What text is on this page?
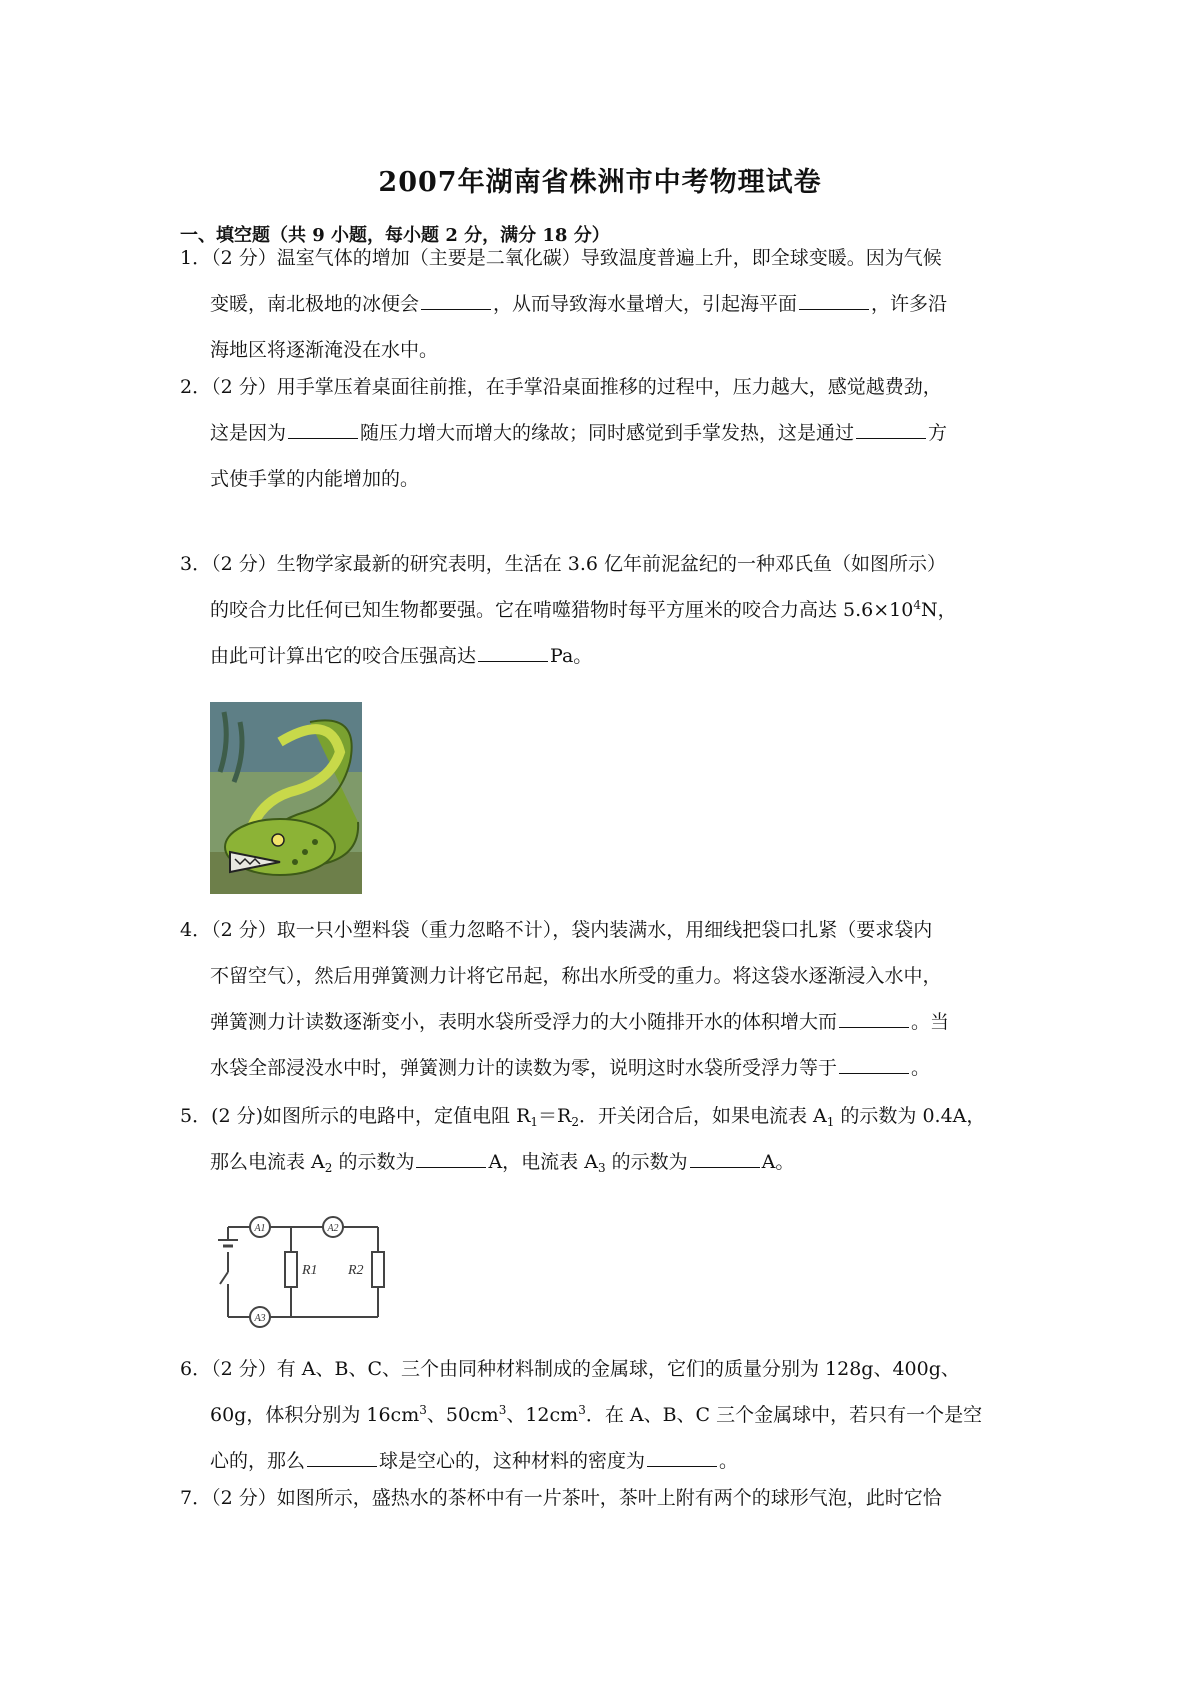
2007年湖南省株洲市中考物理试卷
一、填空题（共 9 小题，每小题 2 分，满分 18 分）
1．（2 分）温室气体的增加（主要是二氧化碳）导致温度普遍上升，即全球变暖。因为气候
变暖，南北极地的冰便会	，从而导致海水量增大，引起海平面	，许多沿
海地区将逐渐淹没在水中。
2．（2 分）用手掌压着桌面往前推，在手掌沿桌面推移的过程中，压力越大，感觉越费劲，
这是因为	随压力增大而增大的缘故；同时感觉到手掌发热，这是通过	方
式使手掌的内能增加的。
3．（2 分）生物学家最新的研究表明，生活在 3.6 亿年前泥盆纪的一种邓氏鱼（如图所示）
的咬合力比任何已知生物都要强。它在啃噬猎物时每平方厘米的咬合力高达 $5.6\times 10^4N$，
由此可计算出它的咬合压强高达	Pa。
4．（2 分）取一只小塑料袋（重力忽略不计），袋内装满水，用细线把袋口扎紧（要求袋内
不留空气），然后用弹簧测力计将它吊起，称出水所受的重力。将这袋水逐渐浸入水中，
弹簧测力计读数逐渐变小，表明水袋所受浮力的大小随排开水的体积增大而	。当
水袋全部浸没水中时，弹簧测力计的读数为零，说明这时水袋所受浮力等于	。
5．(2 分)如图所示的电路中，定值电阻 $R_1=R_2$．开关闭合后，如果电流表 $A_1$ 的示数为 0.4A，
那么电流表 $A_2$ 的示数为	A，电流表 $A_3$ 的示数为	A。
R1 R2
A1	A2
A3
6．（2 分）有 A、B、C、三个由同种材料制成的金属球，它们的质量分别为 128g、400g、
60g，体积分别为 $16cm^3$、$50cm^3$、$12cm^3$．在 A、B、C 三个金属球中，若只有一个是空
心的，那么	球是空心的，这种材料的密度为	。
7．（2 分）如图所示，盛热水的茶杯中有一片茶叶，茶叶上附有两个的球形气泡，此时它恰
